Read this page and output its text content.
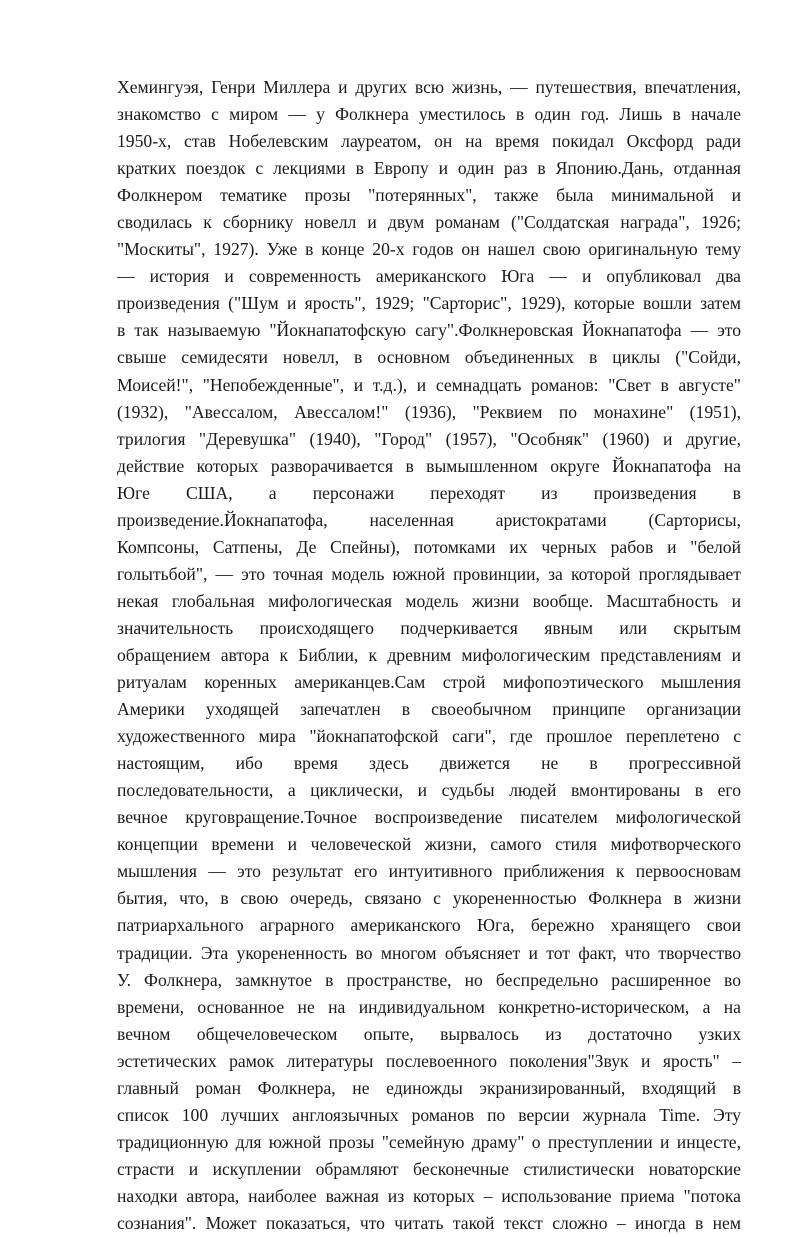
Хемингуэя, Генри Миллера и других всю жизнь, — путешествия, впечатления,
знакомство с миром — у Фолкнера уместилось в один год. Лишь в начале
1950-х, став Нобелевским лауреатом, он на время покидал Оксфорд ради
кратких поездок с лекциями в Европу и один раз в Японию.Дань, отданная
Фолкнером тематике прозы "потерянных", также была минимальной и
сводилась к сборнику новелл и двум романам ("Солдатская награда", 1926;
"Москиты", 1927). Уже в конце 20-х годов он нашел свою оригинальную тему
— история и современность американского Юга — и опубликовал два
произведения ("Шум и ярость", 1929; "Сарторис", 1929), которые вошли затем
в так называемую "Йокнапатофскую сагу".Фолкнеровская Йокнапатофа — это
свыше семидесяти новелл, в основном объединенных в циклы ("Сойди,
Моисей!", "Непобежденные", и т.д.), и семнадцать романов: "Свет в августе"
(1932), "Авессалом, Авессалом!" (1936), "Реквием по монахине" (1951),
трилогия "Деревушка" (1940), "Город" (1957), "Особняк" (1960) и другие,
действие которых разворачивается в вымышленном округе Йокнапатофа на
Юге США, а персонажи переходят из произведения в
произведение.Йокнапатофа, населенная аристократами (Сарторисы,
Компсоны, Сатпены, Де Спейны), потомками их черных рабов и "белой
голытьбой", — это точная модель южной провинции, за которой проглядывает
некая глобальная мифологическая модель жизни вообще. Масштабность и
значительность происходящего подчеркивается явным или скрытым
обращением автора к Библии, к древним мифологическим представлениям и
ритуалам коренных американцев.Сам строй мифопоэтического мышления
Америки уходящей запечатлен в своеобычном принципе организации
художественного мира "йокнапатофской саги", где прошлое переплетено с
настоящим, ибо время здесь движется не в прогрессивной
последовательности, а циклически, и судьбы людей вмонтированы в его
вечное круговращение.Точное воспроизведение писателем мифологической
концепции времени и человеческой жизни, самого стиля мифотворческого
мышления — это результат его интуитивного приближения к первоосновам
бытия, что, в свою очередь, связано с укорененностью Фолкнера в жизни
патриархального аграрного американского Юга, бережно хранящего свои
традиции. Эта укорененность во многом объясняет и тот факт, что творчество
У. Фолкнера, замкнутое в пространстве, но беспредельно расширенное во
времени, основанное не на индивидуальном конкретно-историческом, а на
вечном общечеловеческом опыте, вырвалось из достаточно узких
эстетических рамок литературы послевоенного поколения"Звук и ярость" –
главный роман Фолкнера, не единожды экранизированный, входящий в
список 100 лучших англоязычных романов по версии журнала Time. Эту
традиционную для южной прозы "семейную драму" о преступлении и инцесте,
страсти и искуплении обрамляют бесконечные стилистически новаторские
находки автора, наиболее важная из которых – использование приема "потока
сознания". Может показаться, что читать такой текст сложно – иногда в нем
